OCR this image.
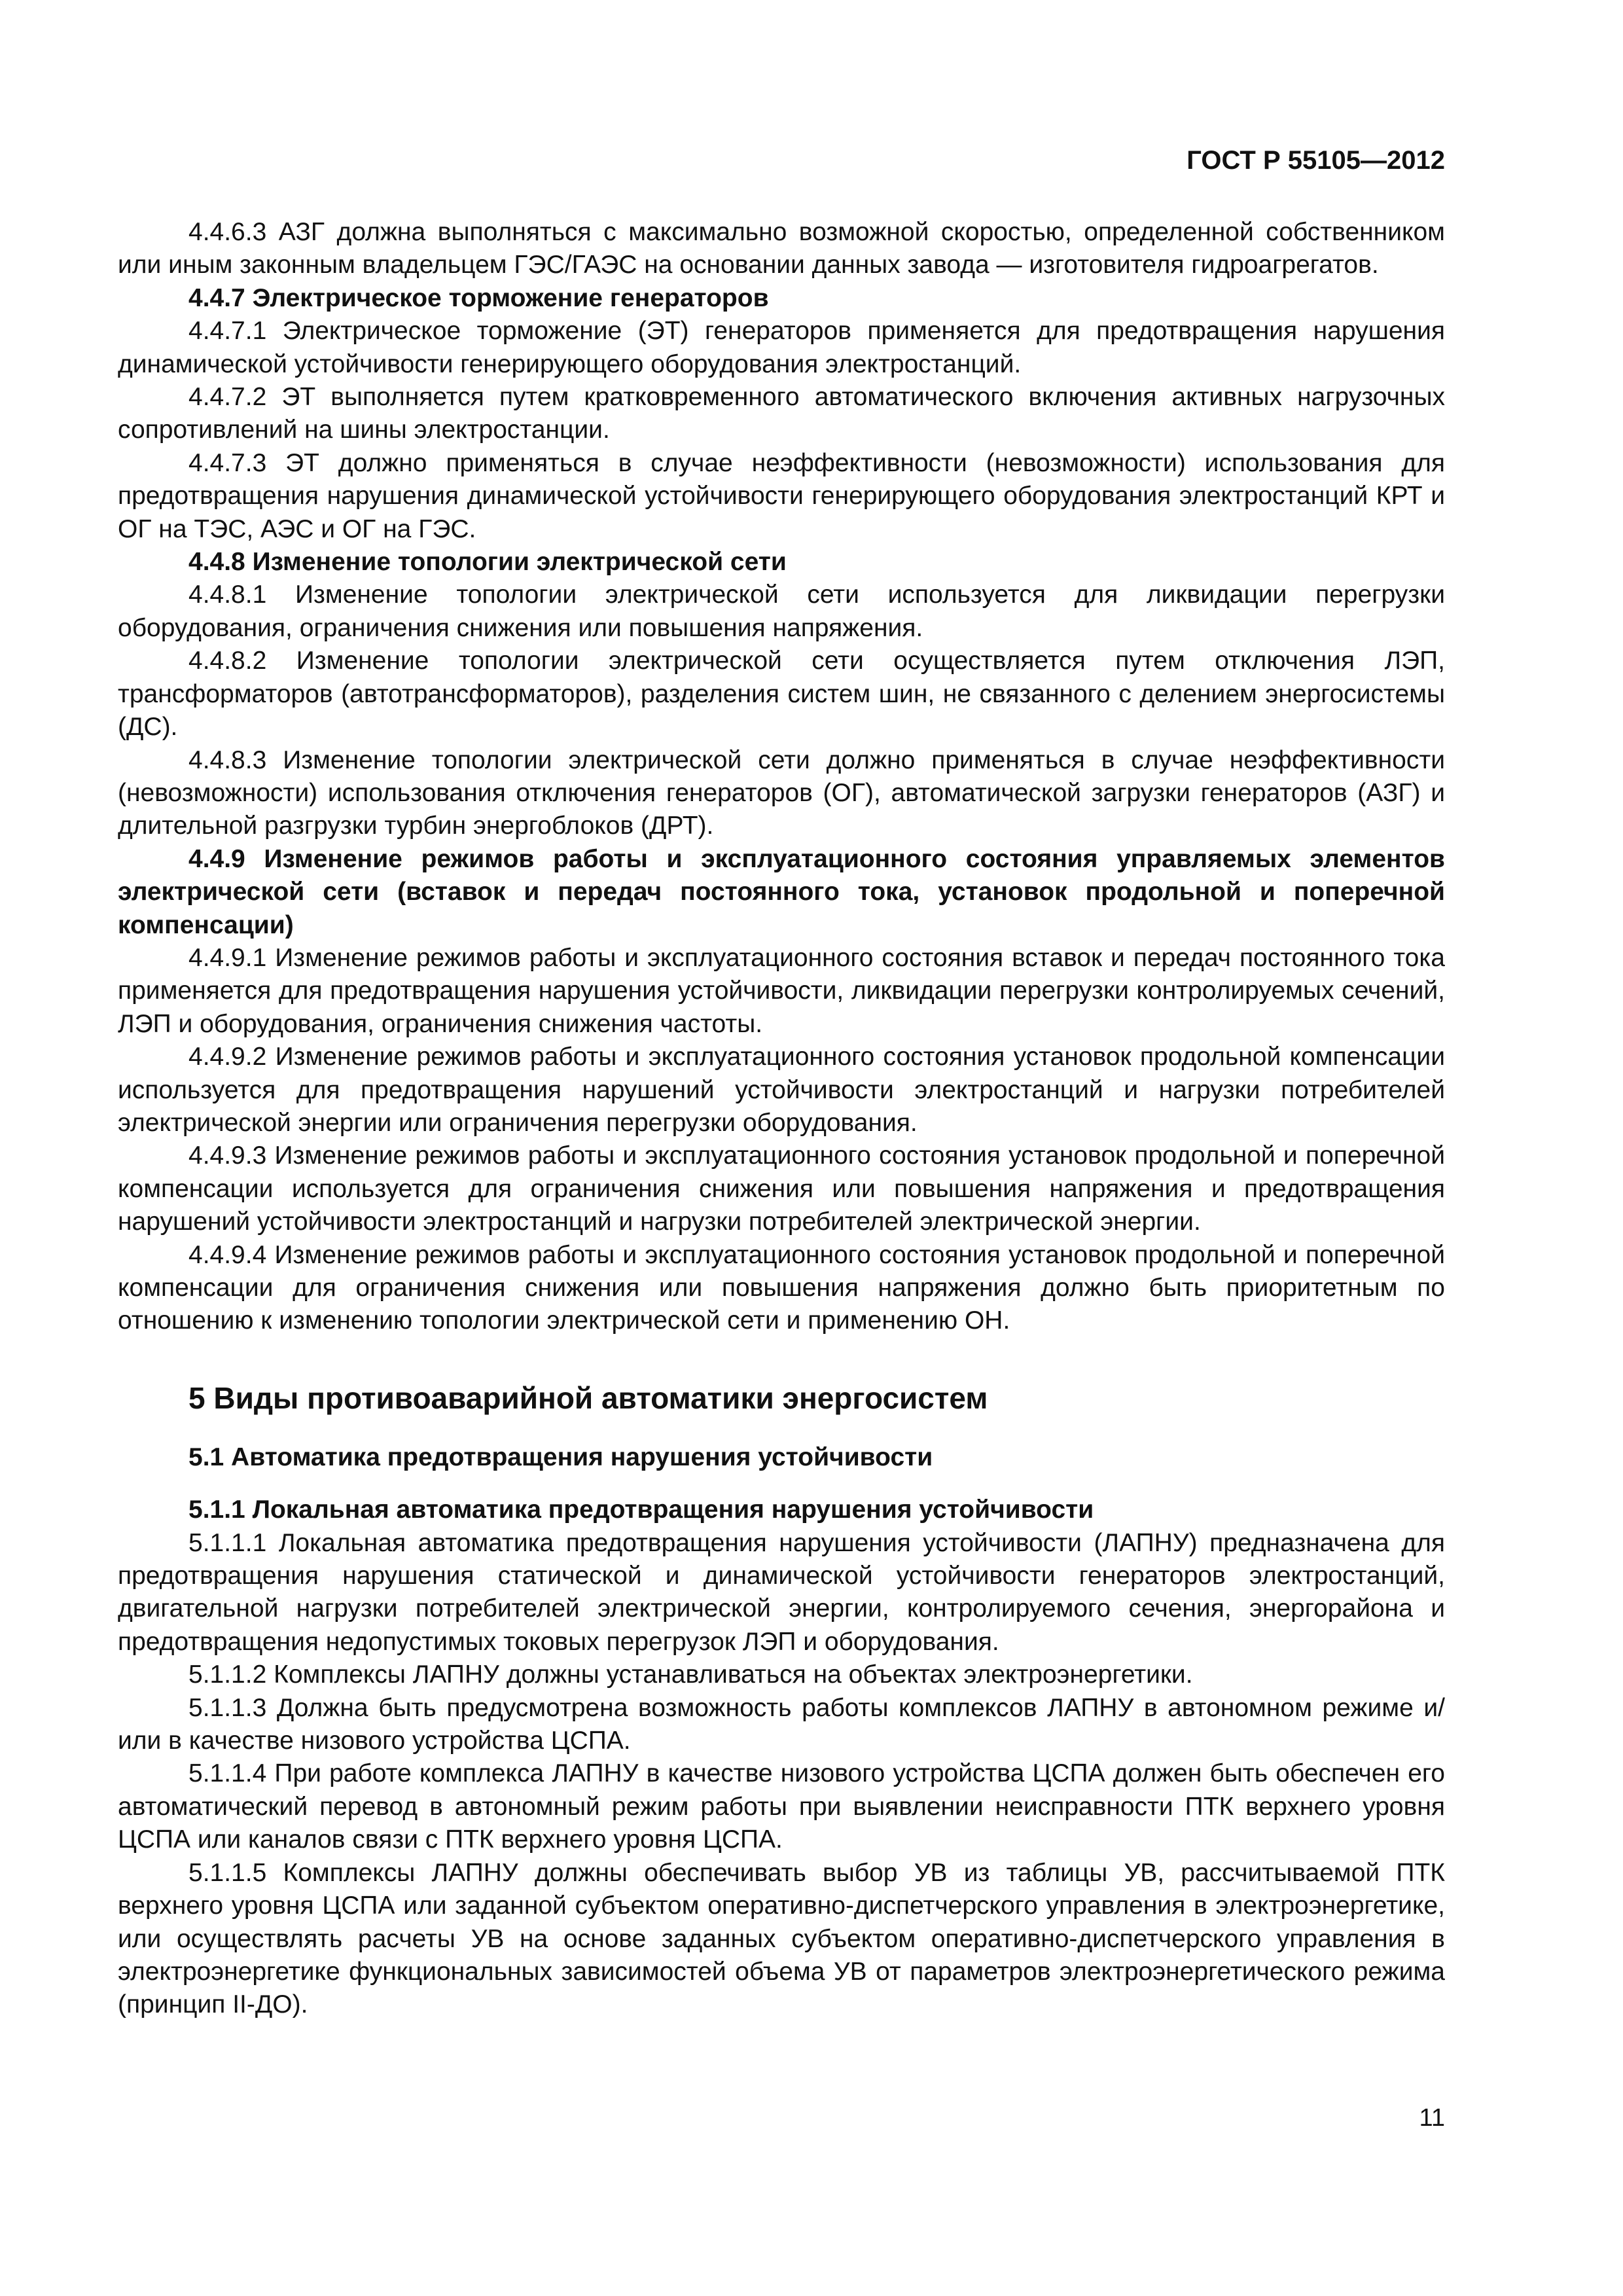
ГОСТ Р 55105—2012

4.4.6.3 АЗГ должна выполняться с максимально возможной скоростью, определенной собственником или иным законным владельцем ГЭС/ГАЭС на основании данных завода — изготовителя гидроагрегатов.

4.4.7 Электрическое торможение генераторов

4.4.7.1 Электрическое торможение (ЭТ) генераторов применяется для предотвращения нарушения динамической устойчивости генерирующего оборудования электростанций.

4.4.7.2 ЭТ выполняется путем кратковременного автоматического включения активных нагрузочных сопротивлений на шины электростанции.

4.4.7.3 ЭТ должно применяться в случае неэффективности (невозможности) использования для предотвращения нарушения динамической устойчивости генерирующего оборудования электростанций КРТ и ОГ на ТЭС, АЭС и ОГ на ГЭС.

4.4.8 Изменение топологии электрической сети

4.4.8.1 Изменение топологии электрической сети используется для ликвидации перегрузки оборудования, ограничения снижения или повышения напряжения.

4.4.8.2 Изменение топологии электрической сети осуществляется путем отключения ЛЭП, трансформаторов (автотрансформаторов), разделения систем шин, не связанного с делением энергосистемы (ДС).

4.4.8.3 Изменение топологии электрической сети должно применяться в случае неэффективности (невозможности) использования отключения генераторов (ОГ), автоматической загрузки генераторов (АЗГ) и длительной разгрузки турбин энергоблоков (ДРТ).

4.4.9 Изменение режимов работы и эксплуатационного состояния управляемых элементов электрической сети (вставок и передач постоянного тока, установок продольной и поперечной компенсации)

4.4.9.1 Изменение режимов работы и эксплуатационного состояния вставок и передач постоянного тока применяется для предотвращения нарушения устойчивости, ликвидации перегрузки контролируемых сечений, ЛЭП и оборудования, ограничения снижения частоты.

4.4.9.2 Изменение режимов работы и эксплуатационного состояния установок продольной компенсации используется для предотвращения нарушений устойчивости электростанций и нагрузки потребителей электрической энергии или ограничения перегрузки оборудования.

4.4.9.3 Изменение режимов работы и эксплуатационного состояния установок продольной и поперечной компенсации используется для ограничения снижения или повышения напряжения и предотвращения нарушений устойчивости электростанций и нагрузки потребителей электрической энергии.

4.4.9.4 Изменение режимов работы и эксплуатационного состояния установок продольной и поперечной компенсации для ограничения снижения или повышения напряжения должно быть приоритетным по отношению к изменению топологии электрической сети и применению ОН.

5 Виды противоаварийной автоматики энергосистем

5.1 Автоматика предотвращения нарушения устойчивости

5.1.1 Локальная автоматика предотвращения нарушения устойчивости

5.1.1.1 Локальная автоматика предотвращения нарушения устойчивости (ЛАПНУ) предназначена для предотвращения нарушения статической и динамической устойчивости генераторов электростанций, двигательной нагрузки потребителей электрической энергии, контролируемого сечения, энергорайона и предотвращения недопустимых токовых перегрузок ЛЭП и оборудования.

5.1.1.2 Комплексы ЛАПНУ должны устанавливаться на объектах электроэнергетики.

5.1.1.3 Должна быть предусмотрена возможность работы комплексов ЛАПНУ в автономном режиме и/или в качестве низового устройства ЦСПА.

5.1.1.4 При работе комплекса ЛАПНУ в качестве низового устройства ЦСПА должен быть обеспечен его автоматический перевод в автономный режим работы при выявлении неисправности ПТК верхнего уровня ЦСПА или каналов связи с ПТК верхнего уровня ЦСПА.

5.1.1.5 Комплексы ЛАПНУ должны обеспечивать выбор УВ из таблицы УВ, рассчитываемой ПТК верхнего уровня ЦСПА или заданной субъектом оперативно-диспетчерского управления в электроэнергетике, или осуществлять расчеты УВ на основе заданных субъектом оперативно-диспетчерского управления в электроэнергетике функциональных зависимостей объема УВ от параметров электроэнергетического режима (принцип II-ДО).

11
